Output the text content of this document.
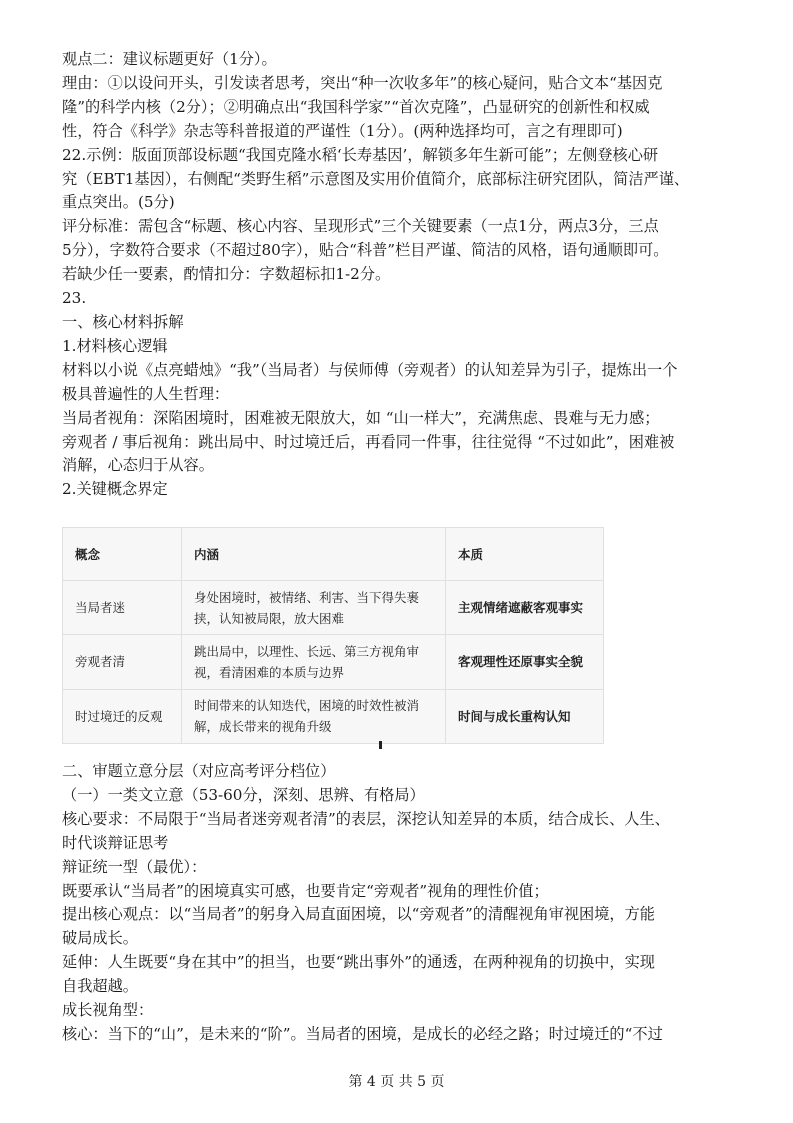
观点二：建议标题更好（1分）。
理由：①以设问开头，引发读者思考，突出“种一次收多年”的核心疑问，贴合文本“基因克
隆”的科学内核（2分）；②明确点出“我国科学家”“首次克隆”，凸显研究的创新性和权威
性，符合《科学》杂志等科普报道的严谨性（1分）。(两种选择均可，言之有理即可)
22.示例：版面顶部设标题“我国克隆水稻‘长寿基因’，解锁多年生新可能”；左侧登核心研
究（EBT1基因），右侧配“类野生稻”示意图及实用价值简介，底部标注研究团队，简洁严谨、
重点突出。(5分)
评分标准：需包含“标题、核心内容、呈现形式”三个关键要素（一点1分，两点3分，三点
5分），字数符合要求（不超过80字），贴合“科普”栏目严谨、简洁的风格，语句通顺即可。
若缺少任一要素，酌情扣分：字数超标扣1-2分。
23.
一、核心材料拆解
1.材料核心逻辑
材料以小说《点亮蜡烛》“我”（当局者）与侯师傅（旁观者）的认知差异为引子，提炼出一个
极具普遍性的人生哲理：
当局者视角：深陷困境时，困难被无限放大，如 “山一样大”，充满焦虑、畏难与无力感；
旁观者 / 事后视角：跳出局中、时过境迁后，再看同一件事，往往觉得 “不过如此”，困难被
消解，心态归于从容。
2.关键概念界定
概念	内涵	本质
当局者迷	身处困境时，被情绪、利害、当下得失裹挟，认知被局限，放大困难	主观情绪遮蔽客观事实
旁观者清	跳出局中，以理性、长远、第三方视角审视，看清困难的本质与边界	客观理性还原事实全貌
时过境迁的反观	时间带来的认知迭代，困境的时效性被消解，成长带来的视角升级	时间与成长重构认知
二、审题立意分层（对应高考评分档位）
（一）一类文立意（53-60分，深刻、思辨、有格局）
核心要求：不局限于“当局者迷旁观者清”的表层，深挖认知差异的本质，结合成长、人生、
时代谈辩证思考
辩证统一型（最优）：
既要承认“当局者”的困境真实可感，也要肯定“旁观者”视角的理性价值；
提出核心观点：以“当局者”的躬身入局直面困境，以“旁观者”的清醒视角审视困境，方能
破局成长。
延伸：人生既要“身在其中”的担当，也要“跳出事外”的通透，在两种视角的切换中，实现
自我超越。
成长视角型：
核心：当下的“山”，是未来的“阶”。当局者的困境，是成长的必经之路；时过境迁的“不过
第 4 页 共 5 页
